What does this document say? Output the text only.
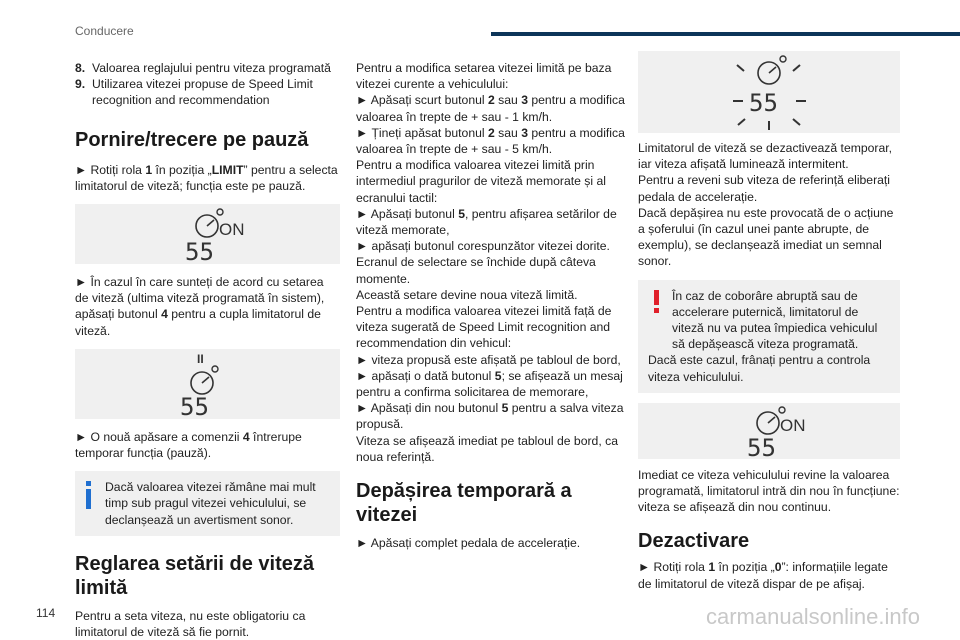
Conducere
8. Valoarea reglajului pentru viteza programată
9. Utilizarea vitezei propuse de Speed Limit recognition and recommendation
Pornire/trecere pe pauză

► Rotiți rola 1 în poziția „LIMIT” pentru a selecta limitatorul de viteză; funcția este pe pauză.

ON
55

► În cazul în care sunteți de acord cu setarea de viteză (ultima viteză programată în sistem), apăsați butonul 4 pentru a cupla limitatorul de viteză.

II
55

► O nouă apăsare a comenzii 4 întrerupe temporar funcția (pauză).

Dacă valoarea vitezei rămâne mai mult timp sub pragul vitezei vehiculului, se declanșează un avertisment sonor.
Reglarea setării de viteză limită

Pentru a seta viteza, nu este obligatoriu ca limitatorul de viteză să fie pornit.

Pentru a modifica setarea vitezei limită pe baza vitezei curente a vehiculului:

► Apăsați scurt butonul 2 sau 3 pentru a modifica valoarea în trepte de + sau - 1 km/h.

► Țineți apăsat butonul 2 sau 3 pentru a modifica valoarea în trepte de + sau - 5 km/h.

Pentru a modifica valoarea vitezei limită prin intermediul pragurilor de viteză memorate și al ecranului tactil:

► Apăsați butonul 5, pentru afișarea setărilor de viteză memorate,

► apăsați butonul corespunzător vitezei dorite.

Ecranul de selectare se închide după câteva momente.

Această setare devine noua viteză limită.

Pentru a modifica valoarea vitezei limită față de viteza sugerată de Speed Limit recognition and recommendation din vehicul:

► viteza propusă este afișată pe tabloul de bord,

► apăsați o dată butonul 5; se afișează un mesaj pentru a confirma solicitarea de memorare,

► Apăsați din nou butonul 5 pentru a salva viteza propusă.

Viteza se afișează imediat pe tabloul de bord, ca noua referință.

Depășirea temporară a vitezei

► Apăsați complet pedala de accelerație.

55

Limitatorul de viteză se dezactivează temporar, iar viteza afișată luminează intermitent.

Pentru a reveni sub viteza de referință eliberați pedala de accelerație.

Dacă depășirea nu este provocată de o acțiune a șoferului (în cazul unei pante abrupte, de exemplu), se declanșează imediat un semnal sonor.

În caz de coborâre abruptă sau de accelerare puternică, limitatorul de viteză nu va putea împiedica vehiculul să depășească viteza programată.

Dacă este cazul, frânați pentru a controla viteza vehiculului.

ON
55

Imediat ce viteza vehiculului revine la valoarea programată, limitatorul intră din nou în funcțiune: viteza se afișează din nou continuu.

Dezactivare

► Rotiți rola 1 în poziția „0”: informațiile legate de limitatorul de viteză dispar de pe afișaj.

114	carmanualsonline.info
